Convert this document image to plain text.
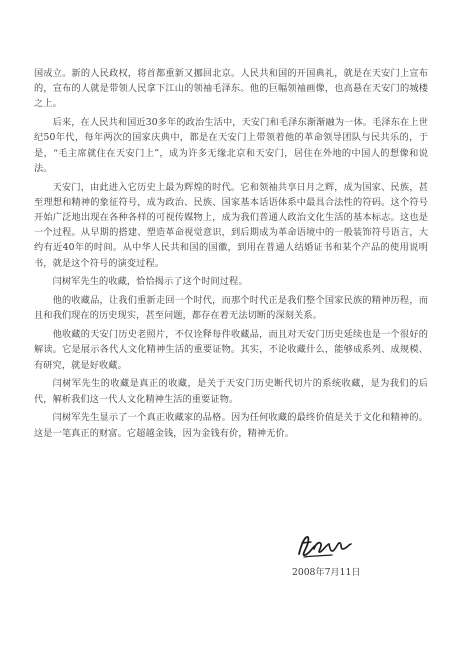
国成立。新的人民政权，将首都重新又挪回北京。人民共和国的开国典礼，就是在天安门上宣布的，宣布的人就是带领人民拿下江山的领袖毛泽东。他的巨幅领袖画像，也高悬在天安门的城楼之上。

后来，在人民共和国近30多年的政治生活中，天安门和毛泽东渐渐融为一体。毛泽东在上世纪50年代，每年两次的国家庆典中，都是在天安门上带领着他的革命领导团队与民共乐的，于是，“毛主席就住在天安门上”，成为许多无缘北京和天安门，居住在外地的中国人的想像和说法。

天安门，由此进入它历史上最为辉煌的时代。它和领袖共享日月之辉，成为国家、民族，甚至理想和精神的象征符号，成为政治、民族、国家基本话语体系中最具合法性的符码。这个符号开始广泛地出现在各种各样的可视传媒物上，成为我们普通人政治文化生活的基本标志。这也是一个过程。从早期的搭建、塑造革命视觉意识，到后期成为革命语境中的一般装饰符号语言，大约有近40年的时间。从中华人民共和国的国徽，到用在普通人结婚证书和某个产品的使用说明书，就是这个符号的演变过程。

闫树军先生的收藏，恰恰揭示了这个时间过程。

他的收藏品，让我们重新走回一个时代，而那个时代正是我们整个国家民族的精神历程，而且和我们现在的历史现实，甚至问题，都存在着无法切断的深刻关系。

他收藏的天安门历史老照片，不仅诠释每件收藏品，而且对天安门历史延续也是一个很好的解读。它是展示各代人文化精神生活的重要证物。其实，不论收藏什么，能够成系列、成规模、有研究，就是好收藏。

闫树军先生的收藏是真正的收藏，是关于天安门历史断代切片的系统收藏，是为我们的后代，解析我们这一代人文化精神生活的重要证物。

闫树军先生显示了一个真正收藏家的品格。因为任何收藏的最终价值是关于文化和精神的。这是一笔真正的财富。它超越金钱，因为金钱有价，精神无价。

2008年7月11日
